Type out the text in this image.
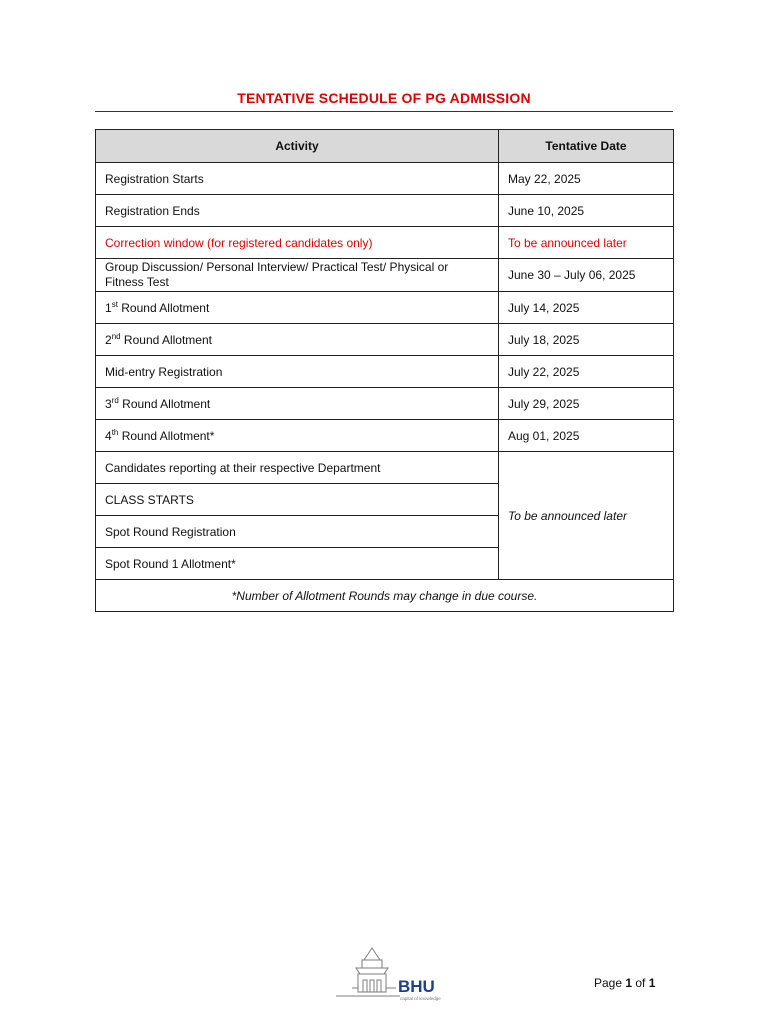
TENTATIVE SCHEDULE OF PG ADMISSION
Activity	Tentative Date
Registration Starts	May 22, 2025
Registration Ends	June 10, 2025
Correction window (for registered candidates only)	To be announced later
Group Discussion/ Personal Interview/ Practical Test/ Physical or Fitness Test	June 30 – July 06, 2025
1st Round Allotment	July 14, 2025
2nd Round Allotment	July 18, 2025
Mid-entry Registration	July 22, 2025
3rd Round Allotment	July 29, 2025
4th Round Allotment*	Aug 01, 2025
Candidates reporting at their respective Department	To be announced later
CLASS STARTS	
Spot Round Registration	
Spot Round 1 Allotment*	
*Number of Allotment Rounds may change in due course.	
BHU
capital of knowledge
Page 1 of 1
